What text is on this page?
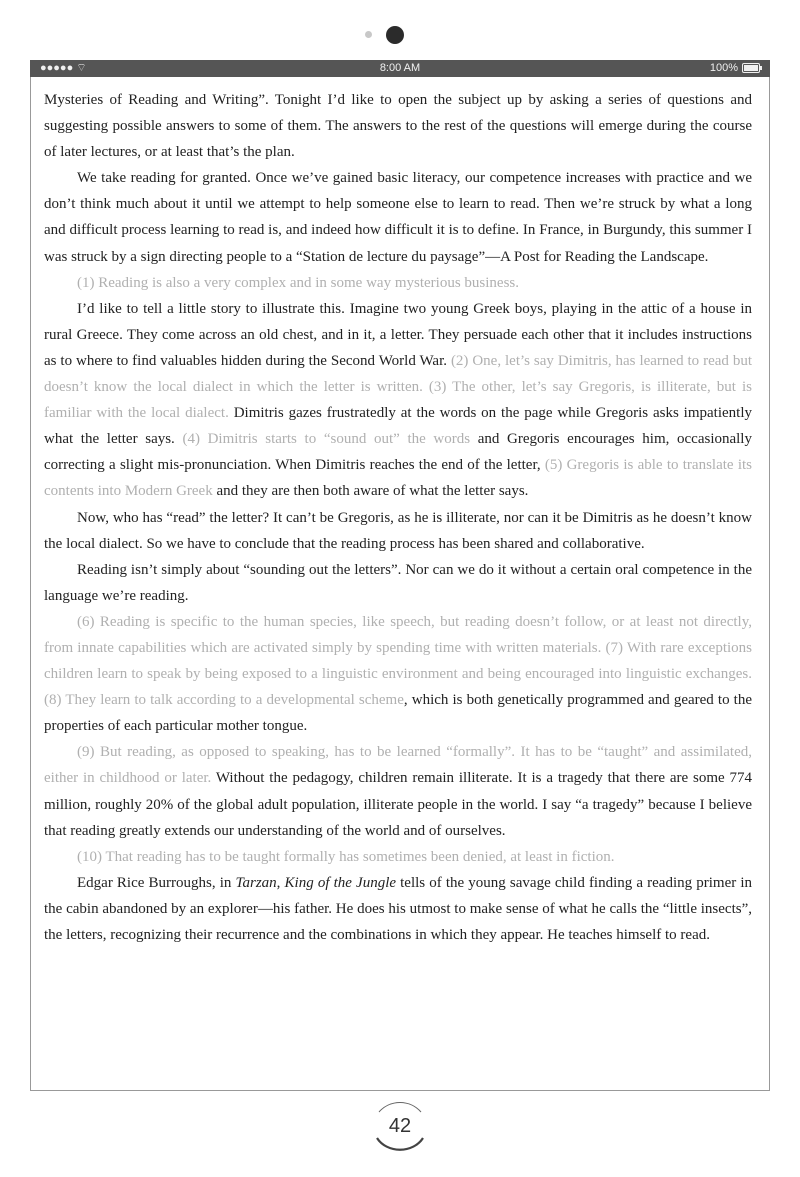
●●●●● ⌔	8:00 AM	100%

Mysteries of Reading and Writing”. Tonight I’d like to open the subject up by asking a series of questions and suggesting possible answers to some of them. The answers to the rest of the questions will emerge during the course of later lectures, or at least that’s the plan.

We take reading for granted. Once we’ve gained basic literacy, our competence increases with practice and we don’t think much about it until we attempt to help someone else to learn to read. Then we’re struck by what a long and difficult process learning to read is, and indeed how difficult it is to define. In France, in Burgundy, this summer I was struck by a sign directing people to a “Station de lecture du paysage”—A Post for Reading the Landscape.

(1) Reading is also a very complex and in some way mysterious business.

I’d like to tell a little story to illustrate this. Imagine two young Greek boys, playing in the attic of a house in rural Greece. They come across an old chest, and in it, a letter. They persuade each other that it includes instructions as to where to find valuables hidden during the Second World War. (2) One, let’s say Dimitris, has learned to read but doesn’t know the local dialect in which the letter is written. (3) The other, let’s say Gregoris, is illiterate, but is familiar with the local dialect. Dimitris gazes frustratedly at the words on the page while Gregoris asks impatiently what the letter says. (4) Dimitris starts to “sound out” the words and Gregoris encourages him, occasionally correcting a slight mis-pronunciation. When Dimitris reaches the end of the letter, (5) Gregoris is able to translate its contents into Modern Greek and they are then both aware of what the letter says.

Now, who has “read” the letter? It can’t be Gregoris, as he is illiterate, nor can it be Dimitris as he doesn’t know the local dialect. So we have to conclude that the reading process has been shared and collaborative.

Reading isn’t simply about “sounding out the letters”. Nor can we do it without a certain oral competence in the language we’re reading.

(6) Reading is specific to the human species, like speech, but reading doesn’t follow, or at least not directly, from innate capabilities which are activated simply by spending time with written materials. (7) With rare exceptions children learn to speak by being exposed to a linguistic environment and being encouraged into linguistic exchanges. (8) They learn to talk according to a developmental scheme, which is both genetically programmed and geared to the properties of each particular mother tongue.

(9) But reading, as opposed to speaking, has to be learned “formally”. It has to be “taught” and assimilated, either in childhood or later. Without the pedagogy, children remain illiterate. It is a tragedy that there are some 774 million, roughly 20% of the global adult population, illiterate people in the world. I say “a tragedy” because I believe that reading greatly extends our understanding of the world and of ourselves.

(10) That reading has to be taught formally has sometimes been denied, at least in fiction.

Edgar Rice Burroughs, in Tarzan, King of the Jungle tells of the young savage child finding a reading primer in the cabin abandoned by an explorer—his father. He does his utmost to make sense of what he calls the “little insects”, the letters, recognizing their recurrence and the combinations in which they appear. He teaches himself to read.

42
